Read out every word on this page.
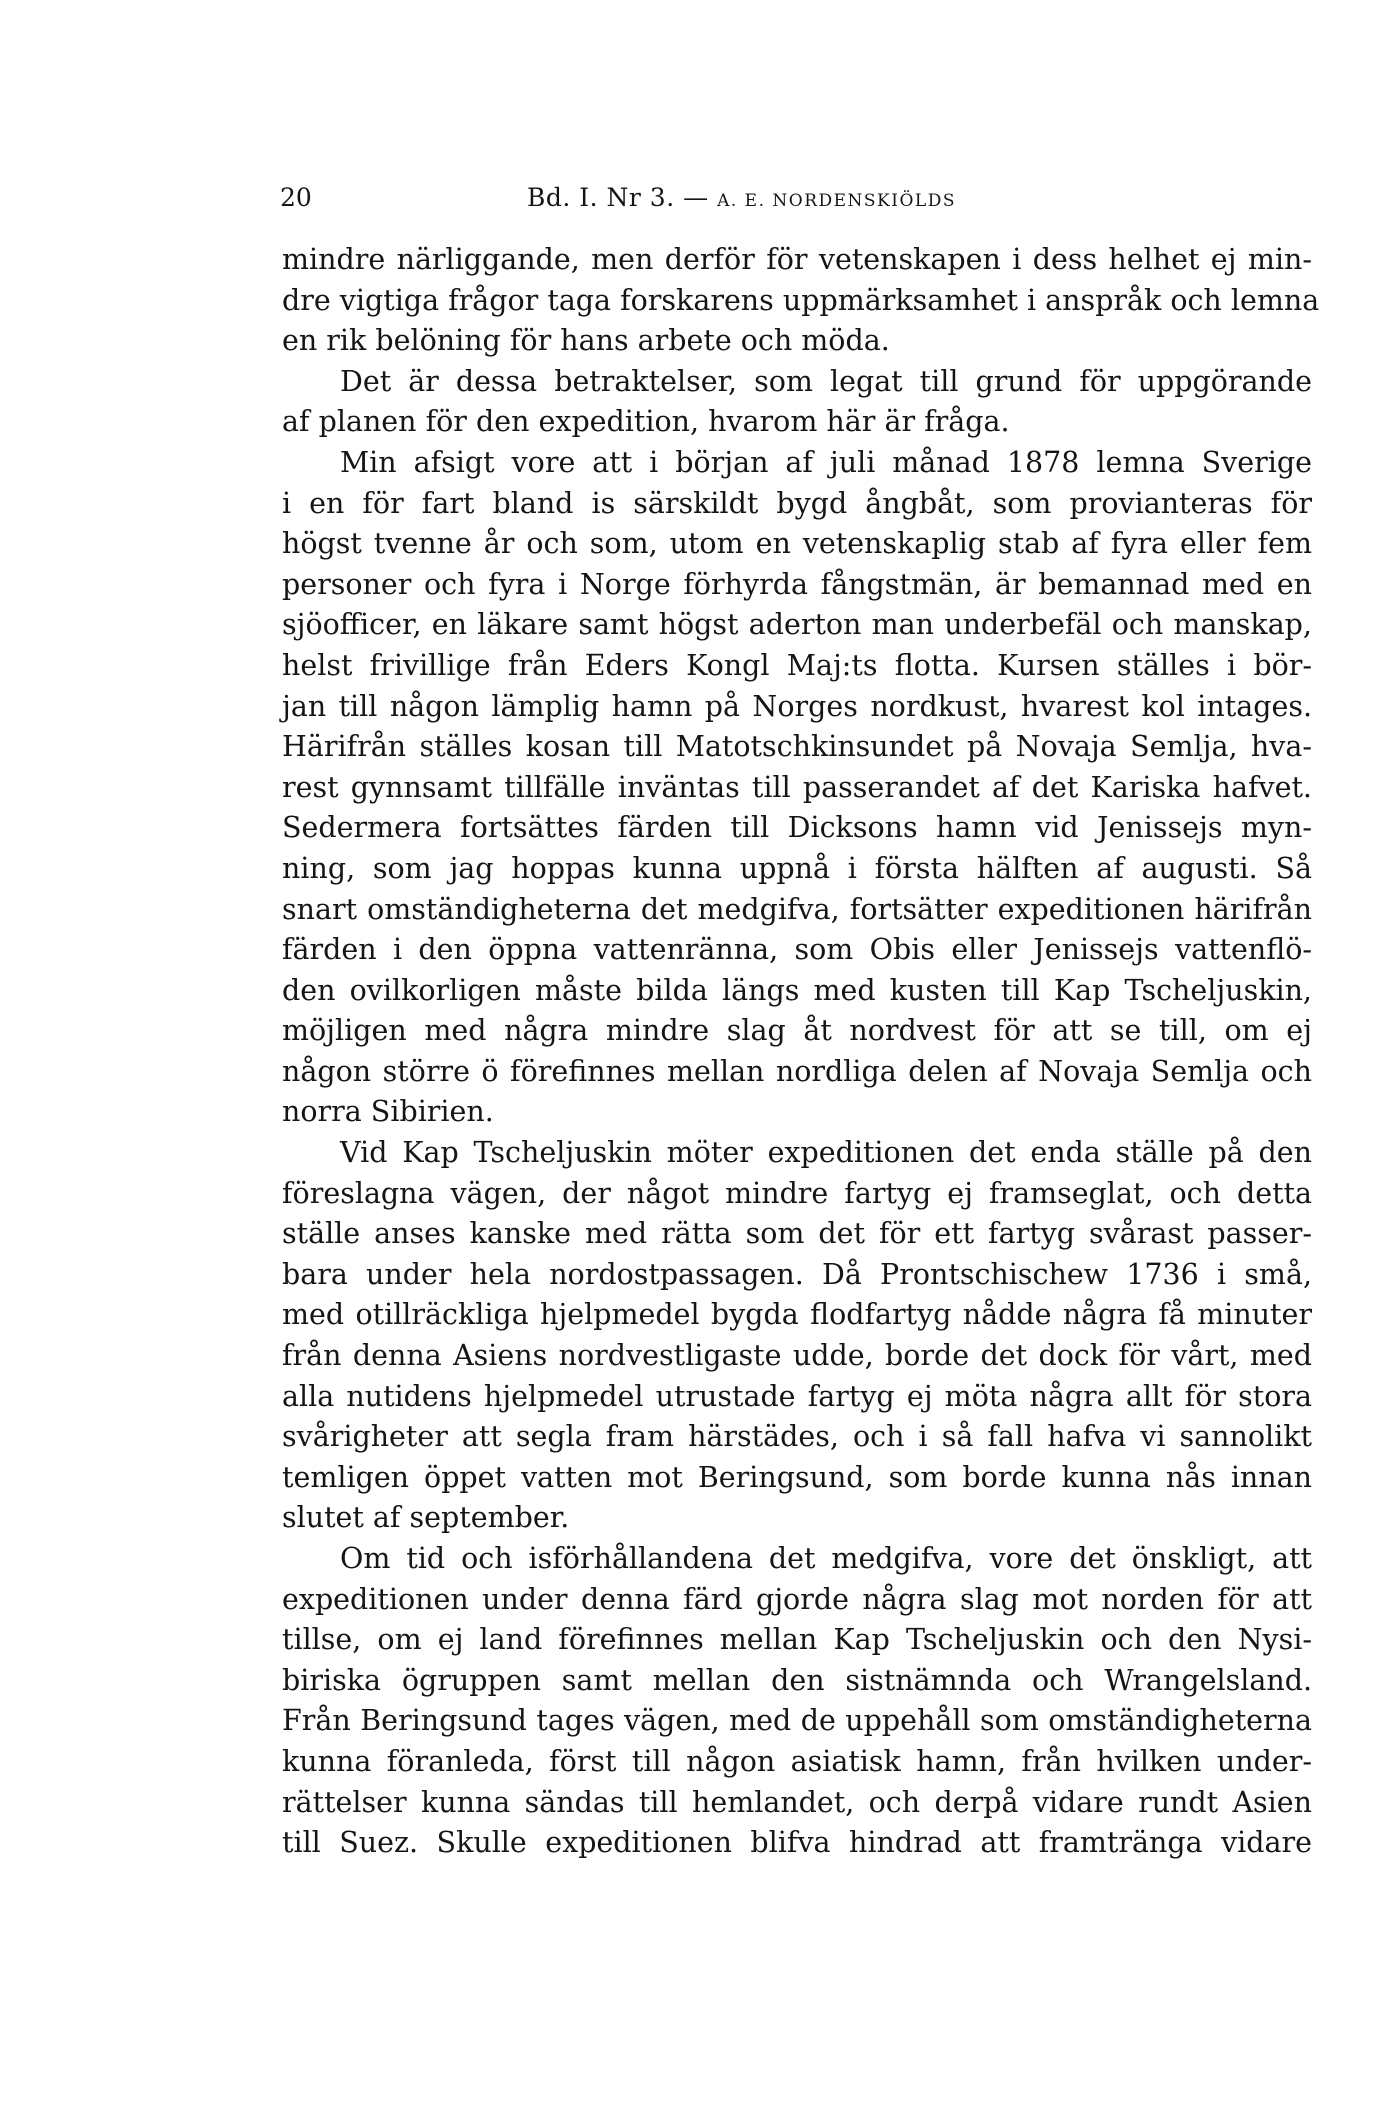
20	Bd. I. Nr 3. — A. E. NORDENSKIÖLDS
mindre närliggande, men derför för vetenskapen i dess helhet ej min-
dre vigtiga frågor taga forskarens uppmärksamhet i anspråk och lemna
en rik belöning för hans arbete och möda.
Det är dessa betraktelser, som legat till grund för uppgörande
af planen för den expedition, hvarom här är fråga.
Min afsigt vore att i början af juli månad 1878 lemna Sverige
i en för fart bland is särskildt bygd ångbåt, som provianteras för
högst tvenne år och som, utom en vetenskaplig stab af fyra eller fem
personer och fyra i Norge förhyrda fångstmän, är bemannad med en
sjöofficer, en läkare samt högst aderton man underbefäl och manskap,
helst frivillige från Eders Kongl Maj:ts flotta. Kursen ställes i bör-
jan till någon lämplig hamn på Norges nordkust, hvarest kol intages.
Härifrån ställes kosan till Matotschkinsundet på Novaja Semlja, hva-
rest gynnsamt tillfälle inväntas till passerandet af det Kariska hafvet.
Sedermera fortsättes färden till Dicksons hamn vid Jenissejs myn-
ning, som jag hoppas kunna uppnå i första hälften af augusti. Så
snart omständigheterna det medgifva, fortsätter expeditionen härifrån
färden i den öppna vattenränna, som Obis eller Jenissejs vattenflö-
den ovilkorligen måste bilda längs med kusten till Kap Tscheljuskin,
möjligen med några mindre slag åt nordvest för att se till, om ej
någon större ö förefinnes mellan nordliga delen af Novaja Semlja och
norra Sibirien.
Vid Kap Tscheljuskin möter expeditionen det enda ställe på den
föreslagna vägen, der något mindre fartyg ej framseglat, och detta
ställe anses kanske med rätta som det för ett fartyg svårast passer-
bara under hela nordostpassagen. Då Prontschischew 1736 i små,
med otillräckliga hjelpmedel bygda flodfartyg nådde några få minuter
från denna Asiens nordvestligaste udde, borde det dock för vårt, med
alla nutidens hjelpmedel utrustade fartyg ej möta några allt för stora
svårigheter att segla fram härstädes, och i så fall hafva vi sannolikt
temligen öppet vatten mot Beringsund, som borde kunna nås innan
slutet af september.
Om tid och isförhållandena det medgifva, vore det önskligt, att
expeditionen under denna färd gjorde några slag mot norden för att
tillse, om ej land förefinnes mellan Kap Tscheljuskin och den Nysi-
biriska ögruppen samt mellan den sistnämnda och Wrangelsland.
Från Beringsund tages vägen, med de uppehåll som omständigheterna
kunna föranleda, först till någon asiatisk hamn, från hvilken under-
rättelser kunna sändas till hemlandet, och derpå vidare rundt Asien
till Suez. Skulle expeditionen blifva hindrad att framtränga vidare
